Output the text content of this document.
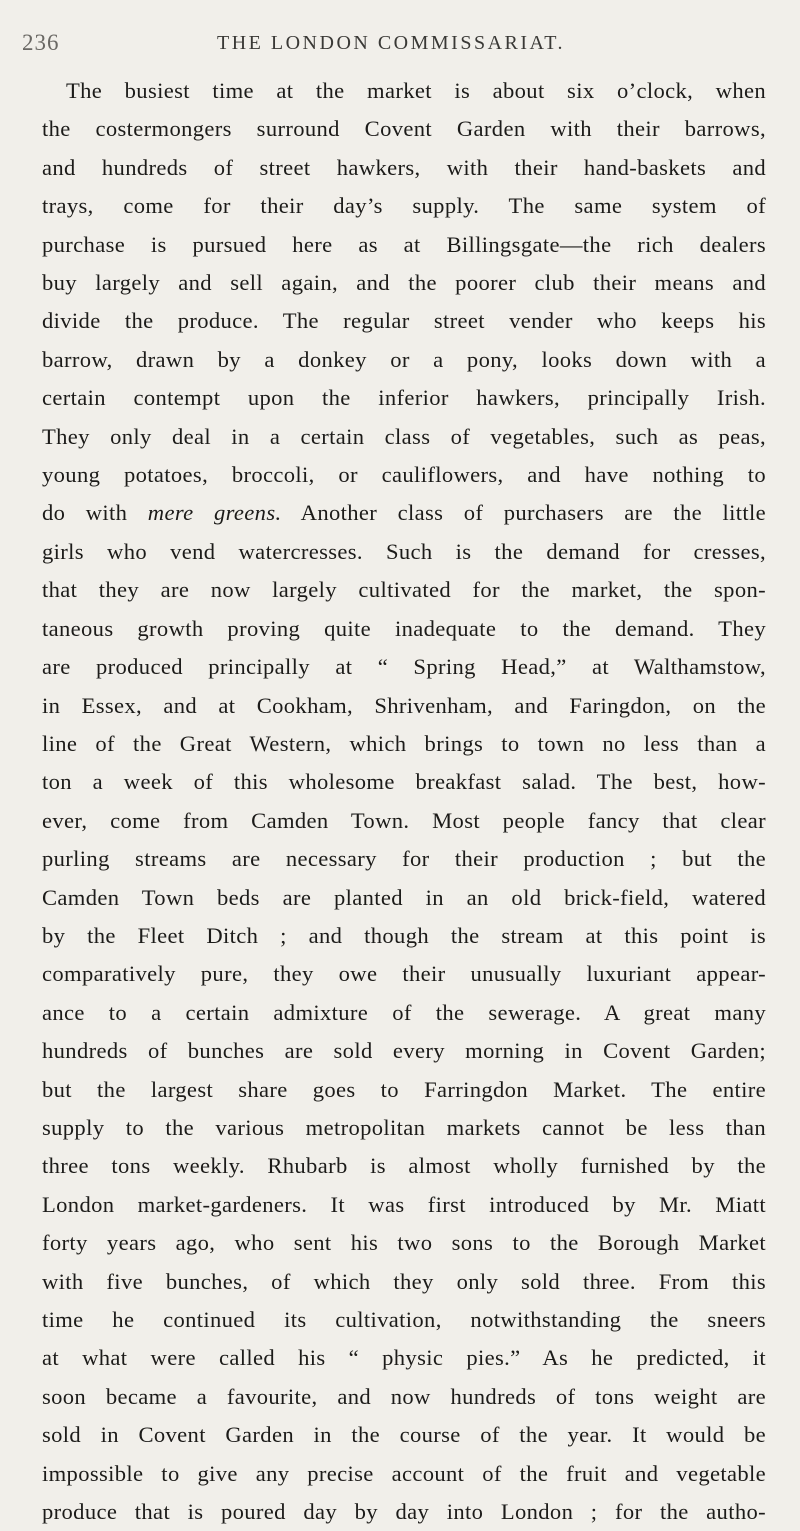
236	THE LONDON COMMISSARIAT.
The busiest time at the market is about six o’clock, when
the costermongers surround Covent Garden with their barrows,
and hundreds of street hawkers, with their hand-baskets and
trays, come for their day’s supply. The same system of
purchase is pursued here as at Billingsgate—the rich dealers
buy largely and sell again, and the poorer club their means and
divide the produce. The regular street vender who keeps his
barrow, drawn by a donkey or a pony, looks down with a
certain contempt upon the inferior hawkers, principally Irish.
They only deal in a certain class of vegetables, such as peas,
young potatoes, broccoli, or cauliflowers, and have nothing to
do with mere greens. Another class of purchasers are the little
girls who vend watercresses. Such is the demand for cresses,
that they are now largely cultivated for the market, the spon-
taneous growth proving quite inadequate to the demand. They
are produced principally at “ Spring Head,” at Walthamstow,
in Essex, and at Cookham, Shrivenham, and Faringdon, on the
line of the Great Western, which brings to town no less than a
ton a week of this wholesome breakfast salad. The best, how-
ever, come from Camden Town. Most people fancy that clear
purling streams are necessary for their production ; but the
Camden Town beds are planted in an old brick-field, watered
by the Fleet Ditch ; and though the stream at this point is
comparatively pure, they owe their unusually luxuriant appear-
ance to a certain admixture of the sewerage. A great many
hundreds of bunches are sold every morning in Covent Garden;
but the largest share goes to Farringdon Market. The entire
supply to the various metropolitan markets cannot be less than
three tons weekly. Rhubarb is almost wholly furnished by the
London market-gardeners. It was first introduced by Mr. Miatt
forty years ago, who sent his two sons to the Borough Market
with five bunches, of which they only sold three. From this
time he continued its cultivation, notwithstanding the sneers
at what were called his “ physic pies.” As he predicted, it
soon became a favourite, and now hundreds of tons weight are
sold in Covent Garden in the course of the year. It would be
impossible to give any precise account of the fruit and vegetable
produce that is poured day by day into London ; for the autho-
